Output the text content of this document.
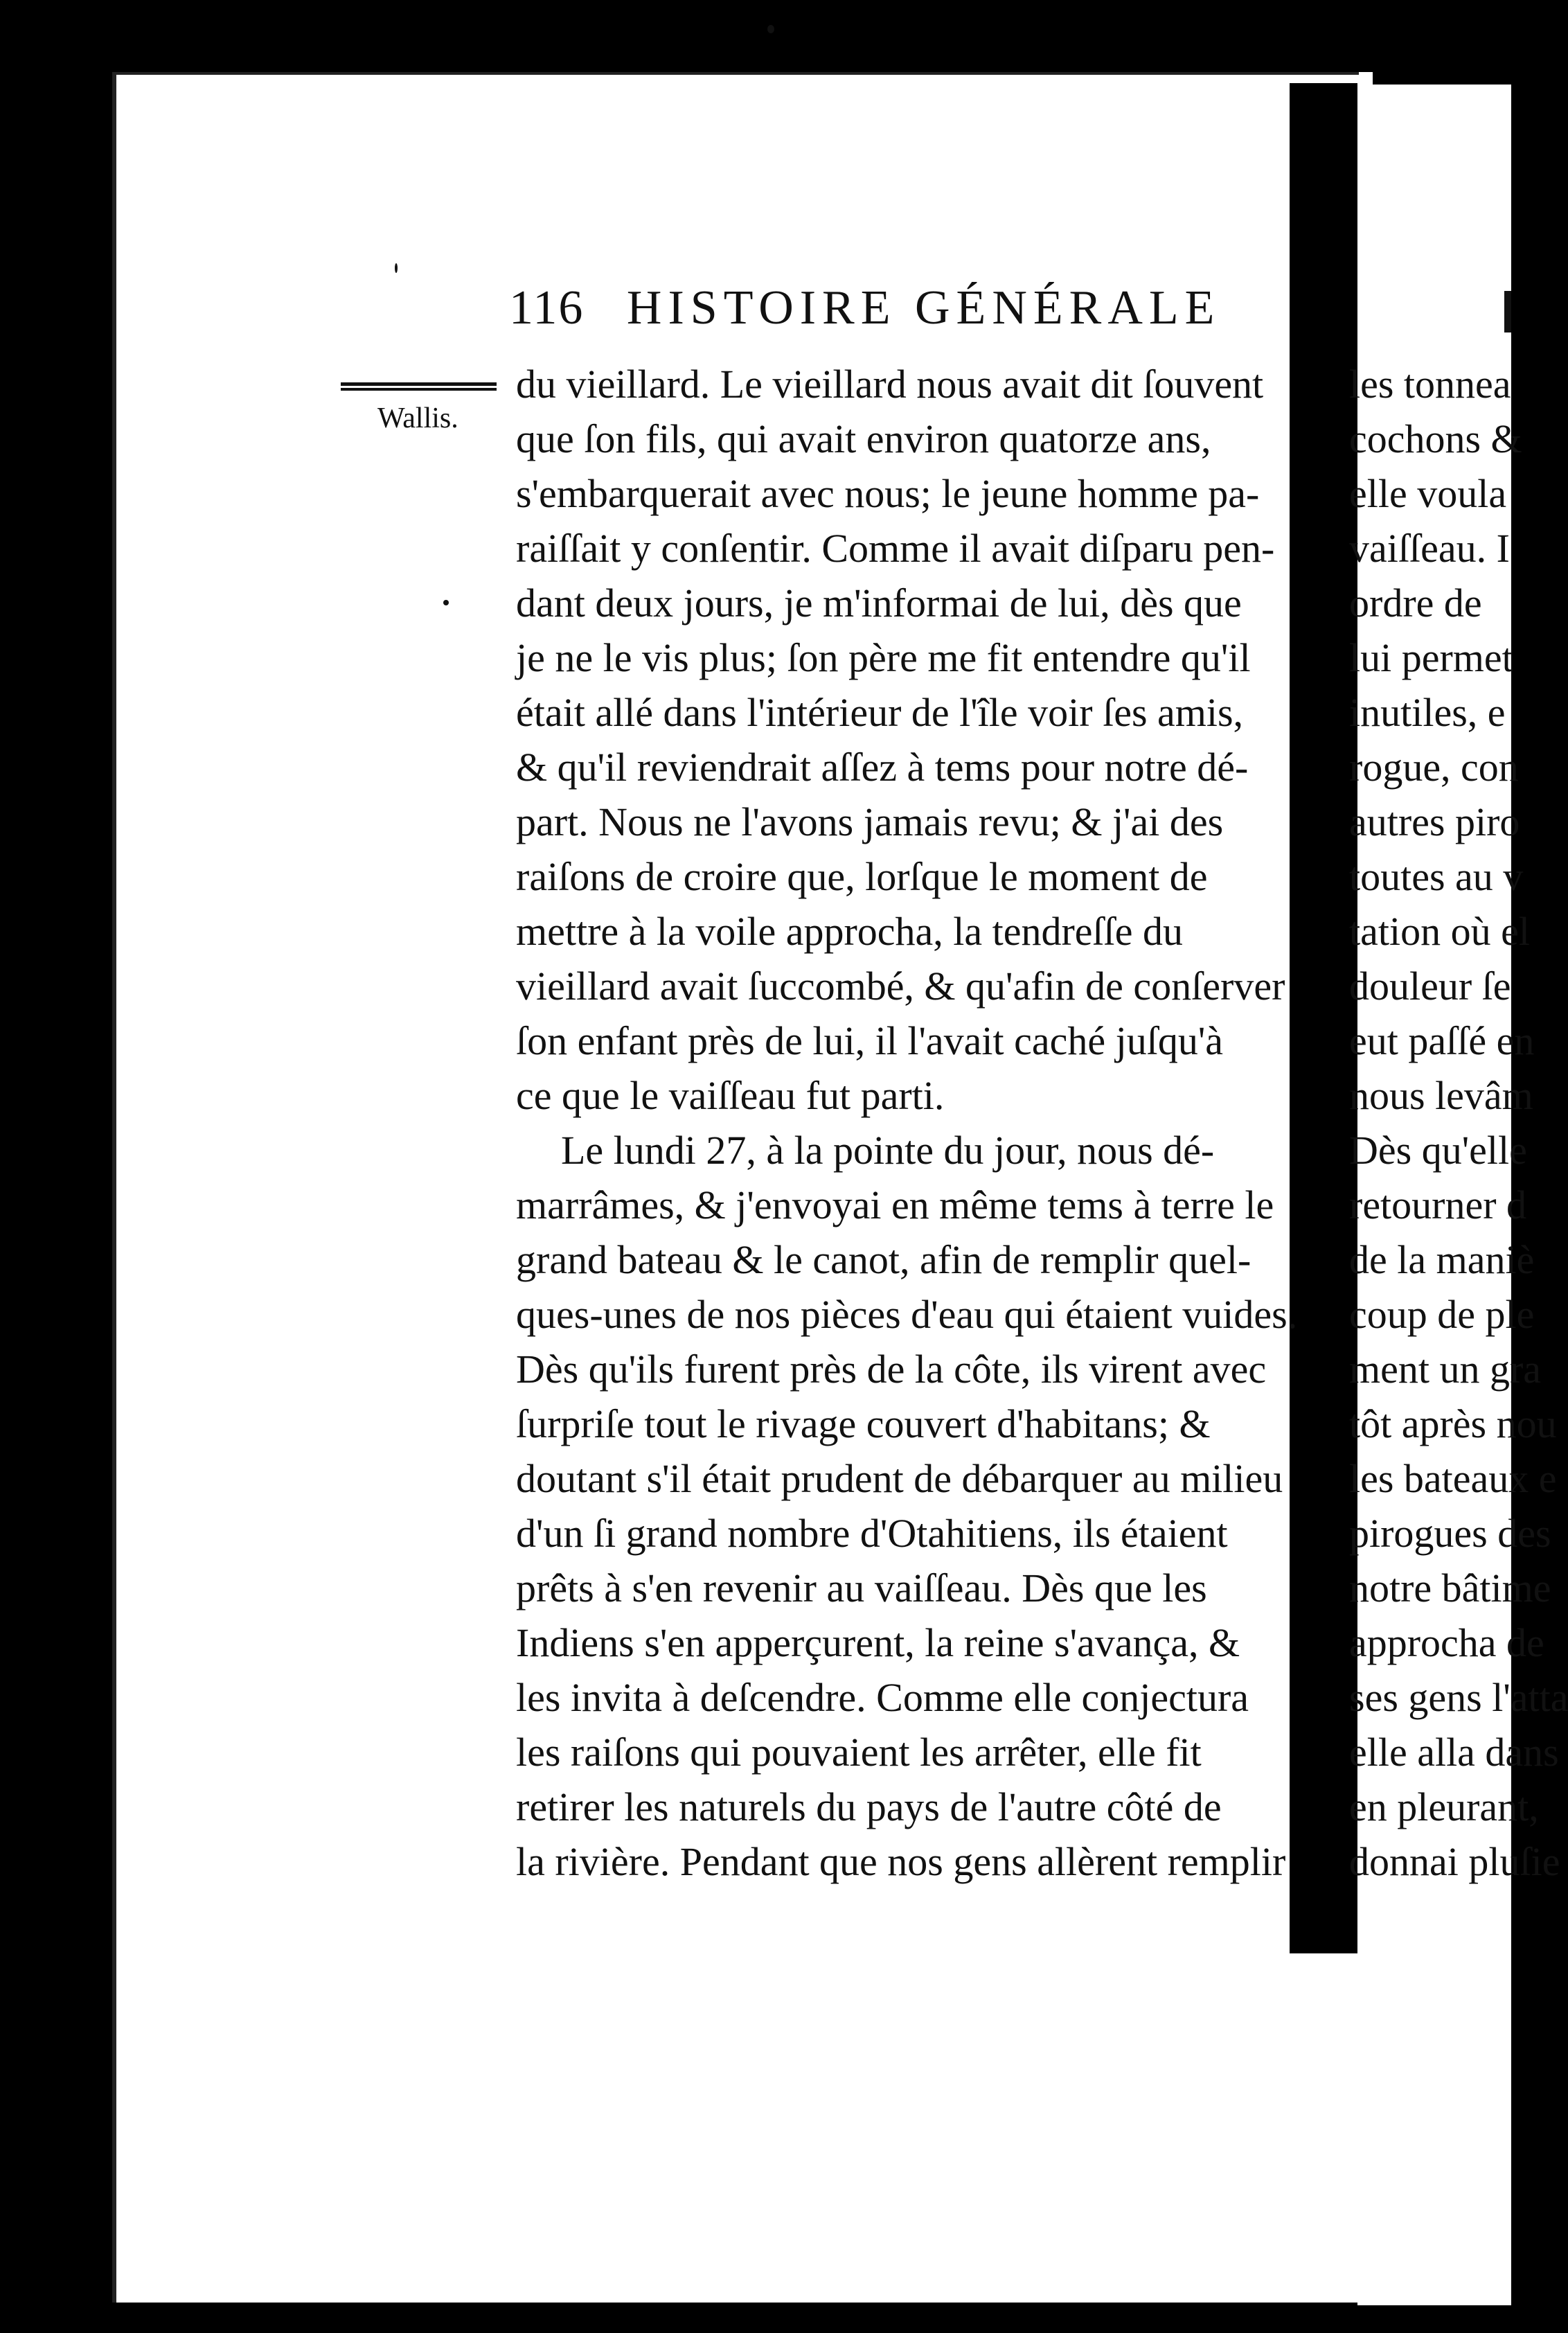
116 HISTOIRE GÉNÉRALE
Wallis.
du vieillard. Le vieillard nous avait dit ſouvent
que ſon fils, qui avait environ quatorze ans,
s'embarquerait avec nous; le jeune homme pa-
raiſſait y conſentir. Comme il avait diſparu pen-
dant deux jours, je m'informai de lui, dès que
je ne le vis plus; ſon père me fit entendre qu'il
était allé dans l'intérieur de l'île voir ſes amis,
& qu'il reviendrait aſſez à tems pour notre dé-
part. Nous ne l'avons jamais revu; & j'ai des
raiſons de croire que, lorſque le moment de
mettre à la voile approcha, la tendreſſe du
vieillard avait ſuccombé, & qu'afin de conſerver
ſon enfant près de lui, il l'avait caché juſqu'à
ce que le vaiſſeau fut parti.
Le lundi 27, à la pointe du jour, nous dé-
marrâmes, & j'envoyai en même tems à terre le
grand bateau & le canot, afin de remplir quel-
ques-unes de nos pièces d'eau qui étaient vuides.
Dès qu'ils furent près de la côte, ils virent avec
ſurpriſe tout le rivage couvert d'habitans; &
doutant s'il était prudent de débarquer au milieu
d'un ſi grand nombre d'Otahitiens, ils étaient
prêts à s'en revenir au vaiſſeau. Dès que les
Indiens s'en apperçurent, la reine s'avança, &
les invita à deſcendre. Comme elle conjectura
les raiſons qui pouvaient les arrêter, elle fit
retirer les naturels du pays de l'autre côté de
la rivière. Pendant que nos gens allèrent remplir
les tonnea
cochons &
elle voula
vaiſſeau. I
ordre de
lui permet
inutiles, e
rogue, con
autres piro
toutes au v
tation où el
douleur ſe
eut paſſé en
nous levâm
Dès qu'elle
retourner d
de la maniè
coup de ple
ment un gra
tôt après nou
les bateaux e
pirogues des
notre bâtime
approcha de
ses gens l'atta
elle alla dans
en pleurant,
donnai pluſie
